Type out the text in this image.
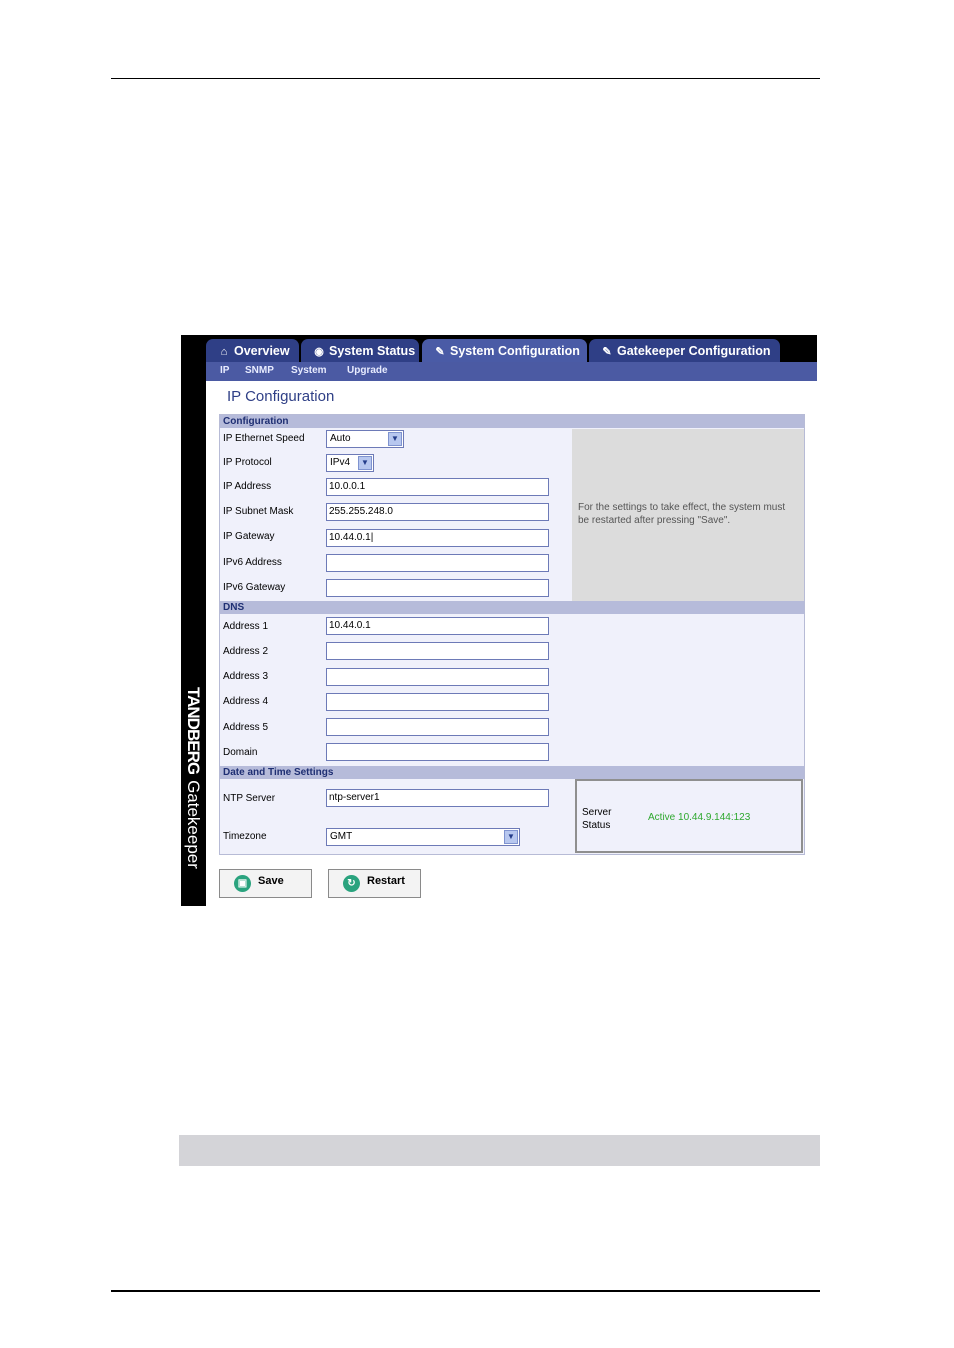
TANDBERGGatekeeper
⌂ Overview	◉ System Status	✎ System Configuration	✎ Gatekeeper Configuration
IP SNMP System Upgrade
IP Configuration
Configuration
IP Ethernet Speed	Auto	▼
IP Protocol	IPv4	▼
IP Address	10.0.0.1
IP Subnet Mask	255.255.248.0
IP Gateway	10.44.0.1|
IPv6 Address
IPv6 Gateway
For the settings to take effect, the system must be restarted after pressing "Save".
DNS
Address 1	10.44.0.1
Address 2
Address 3
Address 4
Address 5
Domain
Date and Time Settings
NTP Server	ntp-server1
Timezone	GMT	▼
Server Status
Active 10.44.9.144:123
▣ Save	↻	Restart
